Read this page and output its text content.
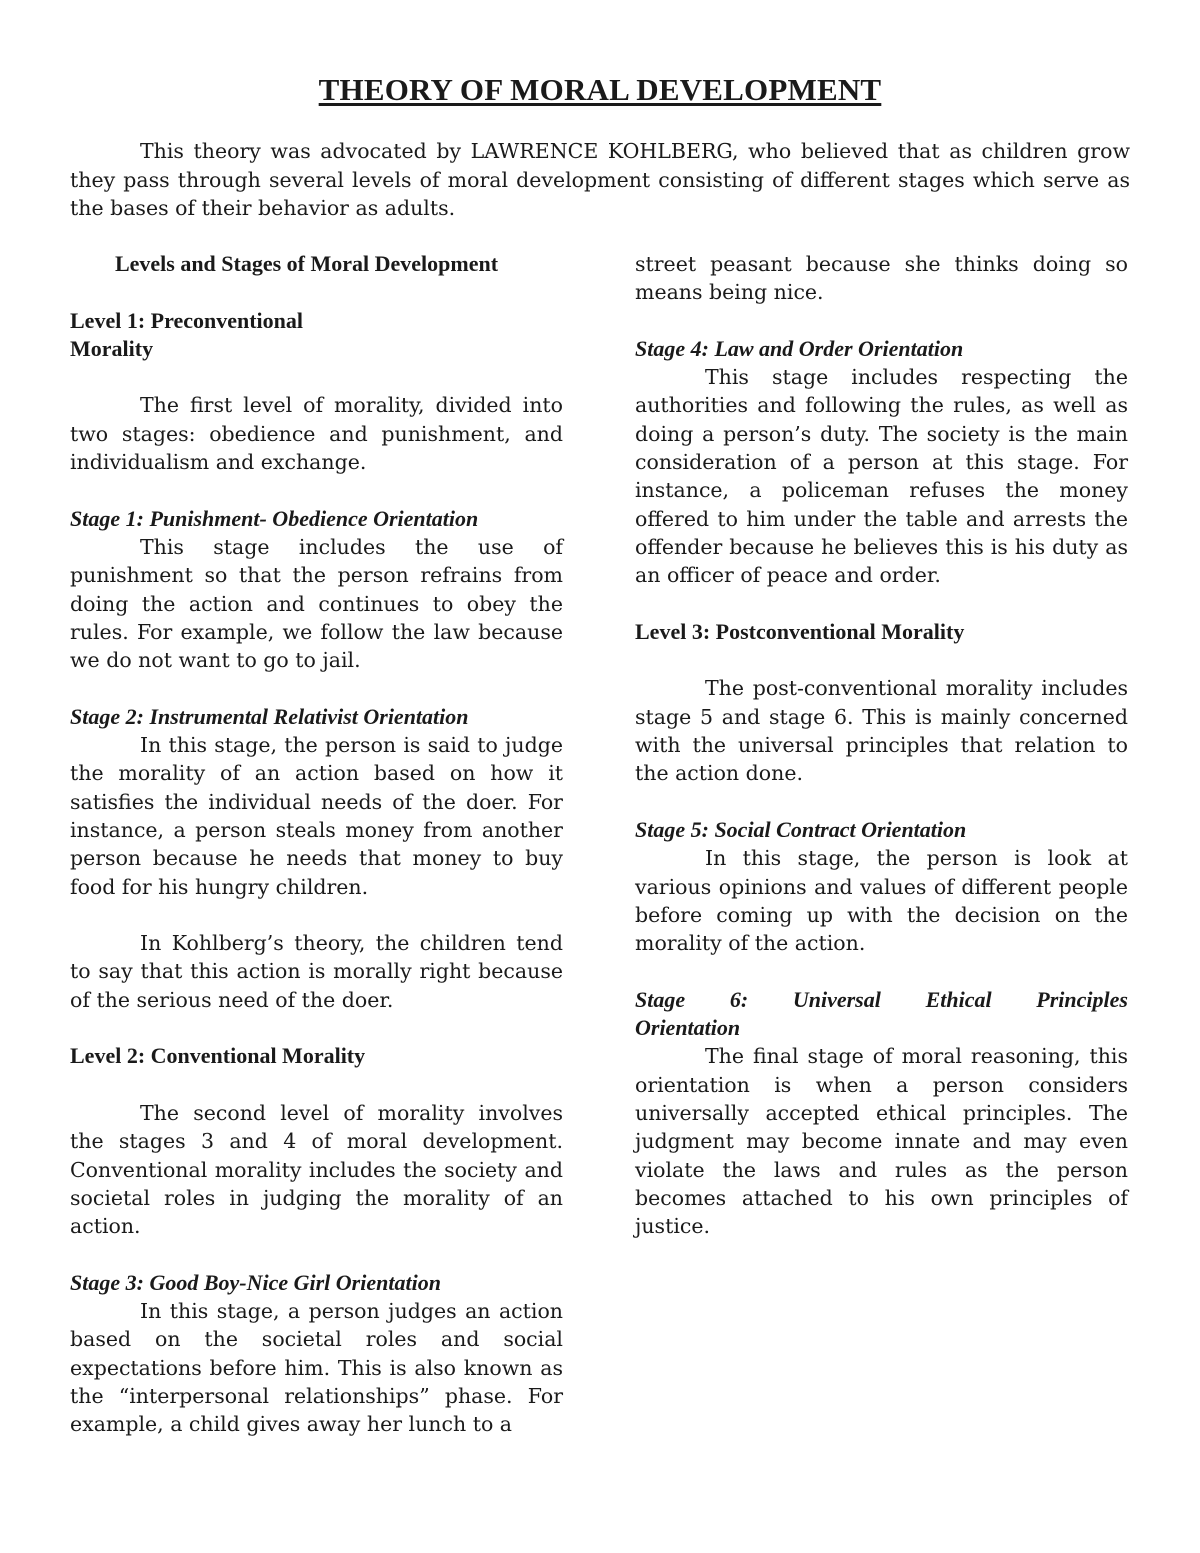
THEORY OF MORAL DEVELOPMENT

This theory was advocated by LAWRENCE KOHLBERG, who believed that as children grow they pass through several levels of moral development consisting of different stages which serve as the bases of their behavior as adults.

Levels and Stages of Moral Development
Level 1: Preconventional
Morality

The first level of morality, divided into two stages: obedience and punishment, and individualism and exchange.

Stage 1: Punishment- Obedience Orientation

This stage includes the use of punishment so that the person refrains from doing the action and continues to obey the rules. For example, we follow the law because we do not want to go to jail.

Stage 2: Instrumental Relativist Orientation

In this stage, the person is said to judge the morality of an action based on how it satisfies the individual needs of the doer. For instance, a person steals money from another person because he needs that money to buy food for his hungry children.

In Kohlberg’s theory, the children tend to say that this action is morally right because of the serious need of the doer.

Level 2: Conventional Morality

The second level of morality involves the stages 3 and 4 of moral development. Conventional morality includes the society and societal roles in judging the morality of an action.

Stage 3: Good Boy-Nice Girl Orientation

In this stage, a person judges an action based on the societal roles and social expectations before him. This is also known as the “interpersonal relationships” phase. For example, a child gives away her lunch to a

street peasant because she thinks doing so means being nice.

Stage 4: Law and Order Orientation

This stage includes respecting the authorities and following the rules, as well as doing a person’s duty. The society is the main consideration of a person at this stage. For instance, a policeman refuses the money offered to him under the table and arrests the offender because he believes this is his duty as an officer of peace and order.

Level 3: Postconventional Morality

The post-conventional morality includes stage 5 and stage 6. This is mainly concerned with the universal principles that relation to the action done.

Stage 5: Social Contract Orientation

In this stage, the person is look at various opinions and values of different people before coming up with the decision on the morality of the action.

Stage 6: Universal Ethical Principles
Orientation

The final stage of moral reasoning, this orientation is when a person considers universally accepted ethical principles. The judgment may become innate and may even violate the laws and rules as the person becomes attached to his own principles of justice.
